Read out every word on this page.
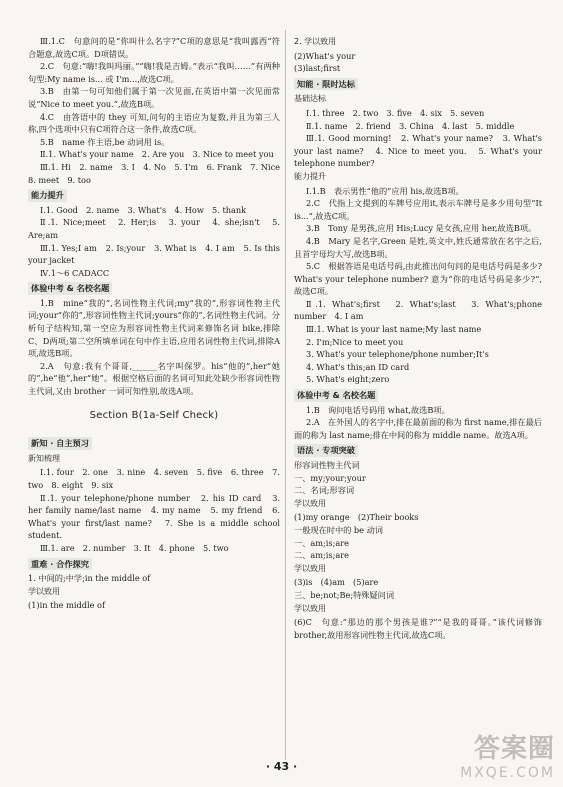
Ⅲ.1.C　句意问的是“你叫什么名字?”C项的意思是“我叫露西”符合题意,故选C项。D项错误。

2.C　句意:“嗨!我叫玛丽。”“嗨!我是吉姆。”表示“我叫……”有两种句型:My name is... 或 I'm...,故选C项。

3.B　由第一句可知他们属于第一次见面,在英语中第一次见面常说“Nice to meet you.”,故选B项。

4.C　由答语中的 they 可知,问句的主语应为复数,并且为第三人称,四个选项中只有C项符合这一条件,故选C项。

5.B　name 作主语,be 动词用 is。

Ⅱ.1. What's your name　2. Are you　3. Nice to meet you

Ⅲ.1. Hi　2. name　3. I　4. No　5. I'm　6. Frank　7. Nice　8. meet　9. too

能力提升

Ⅰ.1. Good　2. name　3. What's　4. How　5. thank

Ⅱ.1. Nice;meet　2. Her;is　3. your　4. she;isn't　5. Are;am

Ⅲ.1. Yes;I am　2. Is;your　3. What is　4. I am　5. Is this your jacket

Ⅳ.1～6 CADACC

体验中考 & 名校名题

1.B　mine“我的”,名词性物主代词;my“我的”,形容词性物主代词;your“你的”,形容词性物主代词;yours“你的”,名词性物主代词。分析句子结构知,第一空应为形容词性物主代词来修饰名词 bike,排除C、D两项;第二空所填单词在句中作主语,应用名词性物主代词,排除A项,故选B项。

2.A　句意:我有个哥哥,______名字叫保罗。his“他的”,her“她的”,he“他”,her“她”。根据空格后面的名词可知此处缺少形容词性物主代词,又由 brother 一词可知性别,故选A项。

Section B(1a-Self Check)
新知 · 自主预习

新知梳理

Ⅰ.1. four　2. one　3. nine　4. seven　5. five　6. three　7. two　8. eight　9. six

Ⅱ.1. your telephone/phone number　2. his ID card　3. her family name/last name　4. my name　5. my friend　6. What's your first/last name?　7. She is a middle school student.

Ⅲ.1. are　2. number　3. It　4. phone　5. two

重难 · 合作探究

1. 中间的;中学;in the middle of

学以致用

(1)in the middle of

2. 学以致用

(2)What's your

(3)last;first

知能 · 限时达标

基础达标

Ⅰ.1. three　2. two　3. five　4. six　5. seven

Ⅱ.1. name　2. friend　3. China　4. last　5. middle

Ⅲ.1. Good morning!　2. What's your name?　3. What's your last name?　4. Nice to meet you.　5. What's your telephone number?

能力提升

Ⅰ.1.B　表示男性“他的”应用 his,故选B项。

2.C　代指上文提到的车牌号应用it,表示车牌号是多少用句型“It is...”,故选C项。

3.B　Tony 是男孩,应用 His;Lucy 是女孩,应用 her,故选B项。

4.B　Mary 是名字,Green 是姓,英文中,姓氏通常放在名字之后,且首字母均大写,故选B项。

5.C　根据答语是电话号码,由此推出问句问的是电话号码是多少?What's your telephone number? 意为“你的电话号码是多少?”,故选C项。

Ⅱ.1. What's;first　2. What's;last　3. What's;phone number　4. I am

Ⅲ.1. What is your last name;My last name

2. I'm;Nice to meet you

3. What's your telephone/phone number;It's

4. What's this;an ID card

5. What's eight;zero

体验中考 & 名校名题

1.B　询问电话号码用 what,故选B项。

2.A　在外国人的名字中,排在最前面的称为 first name,排在最后面的称为 last name;排在中间的称为 middle name。故选A项。

语法 · 专项突破

形容词性物主代词

一、my;your;your

二、名词;形容词

学以致用

(1)my orange　(2)Their books

一般现在时中的 be 动词

一、am;is;are

二、am;is;are

学以致用

(3)is　(4)am　(5)are

三、be;not;Be;特殊疑问词

学以致用

(6)C　句意:“那边的那个男孩是谁?”“是我的哥哥。”该代词修饰 brother,故用形容词性物主代词,故选C项。

· 43 ·
答案圈
MXQE.COM
